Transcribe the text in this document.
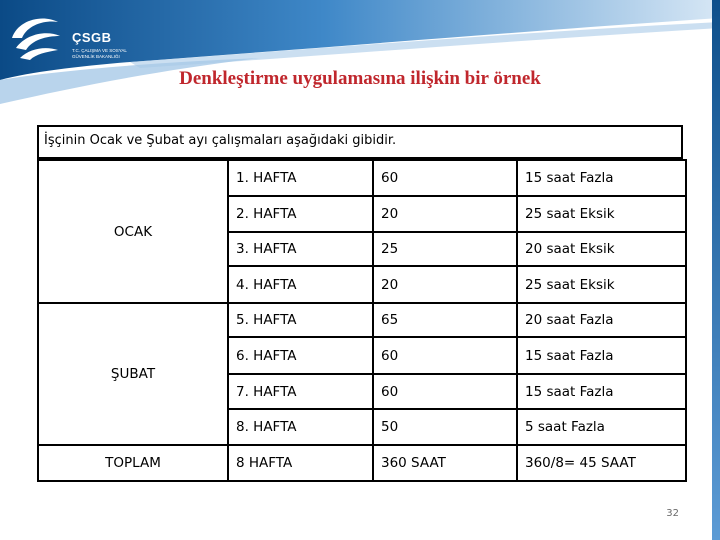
ÇSGB
T.C. ÇALIŞMA VE SOSYAL GÜVENLİK BAKANLIĞI
Denkleştirme uygulamasına ilişkin bir örnek
İşçinin Ocak ve Şubat ayı çalışmaları aşağıdaki gibidir.
OCAK	1. HAFTA	60	15 saat Fazla
	2. HAFTA	20	25 saat Eksik
	3. HAFTA	25	20 saat Eksik
	4. HAFTA	20	25 saat Eksik
ŞUBAT	5. HAFTA	65	20 saat Fazla
	6. HAFTA	60	15 saat Fazla
	7. HAFTA	60	15 saat Fazla
	8. HAFTA	50	5 saat Fazla
TOPLAM	8 HAFTA	360 SAAT	360/8= 45 SAAT
32
